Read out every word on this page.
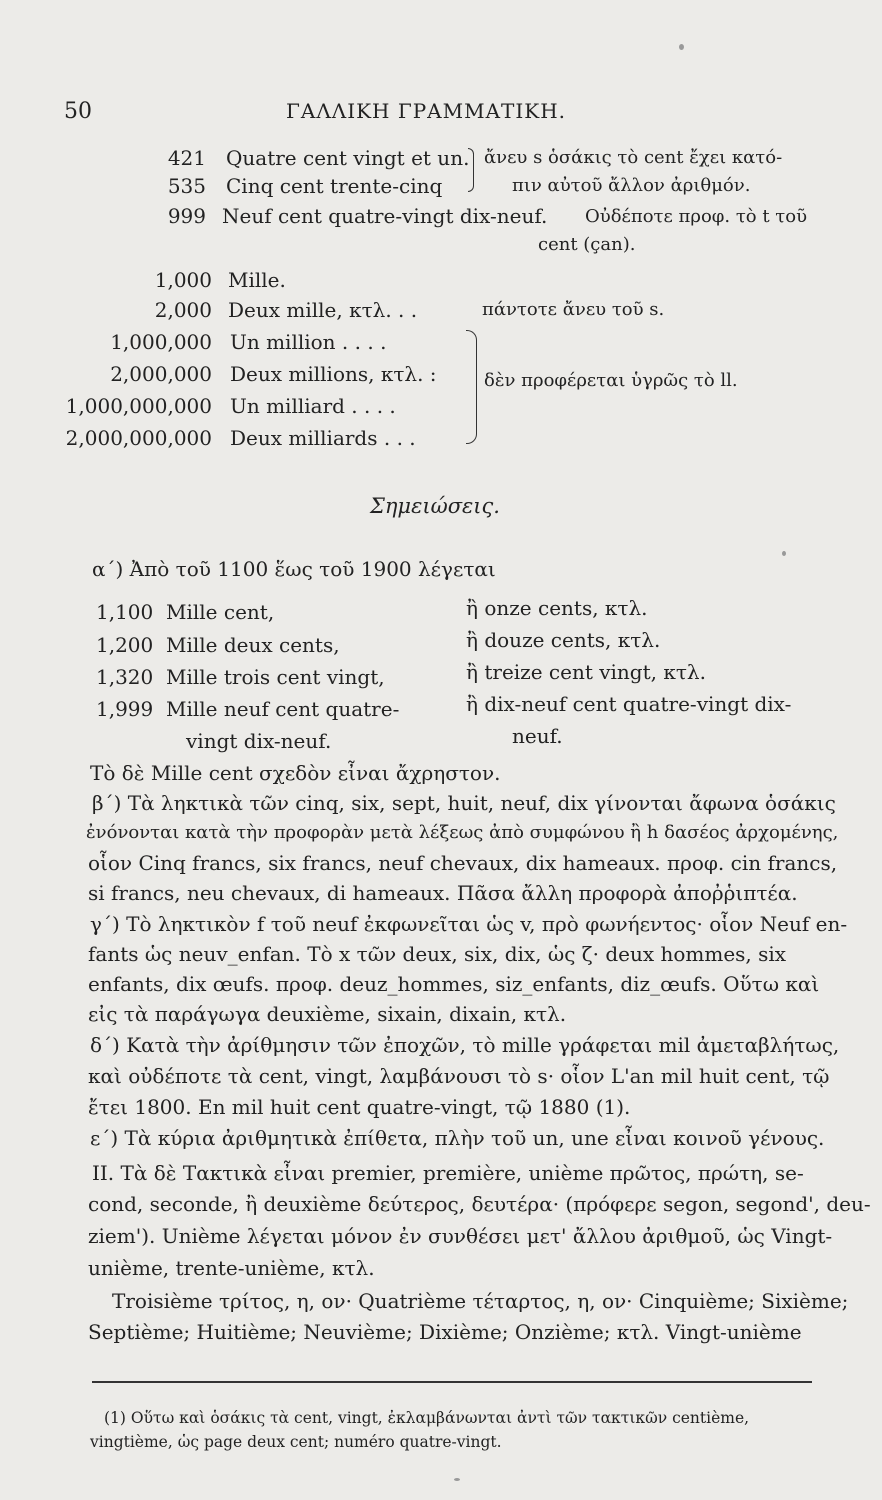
50	ΓΑΛΛΙΚΗ ΓΡΑΜΜΑΤΙΚΗ.
421 Quatre cent vingt et un.
535 Cinq cent trente-cinq
ἄνευ s ὁσάκις τὸ cent ἔχει κατό-
πιν αὐτοῦ ἄλλον ἀριθμόν.
999 Neuf cent quatre-vingt dix-neuf. Οὐδέποτε προφ. τὸ t τοῦ
cent (çan).
1,000 Mille.
2,000 Deux mille, κτλ. . .	πάντοτε ἄνευ τοῦ s.
1,000,000 Un million . . . .
2,000,000 Deux millions, κτλ. :
1,000,000,000 Un milliard . . . .
2,000,000,000 Deux milliards . . .
δὲν προφέρεται ὑγρῶς τὸ ll.
Σημειώσεις.
α΄) Ἀπὸ τοῦ 1100 ἕως τοῦ 1900 λέγεται
1,100 Mille cent,	ἢ onze cents, κτλ.
1,200 Mille deux cents,	ἢ douze cents, κτλ.
1,320 Mille trois cent vingt,	ἢ treize cent vingt, κτλ.
1,999 Mille neuf cent quatre-	ἢ dix-neuf cent quatre-vingt dix-
vingt dix-neuf.	neuf.
Τὸ δὲ Mille cent σχεδὸν εἶναι ἄχρηστον.
β΄) Τὰ ληκτικὰ τῶν cinq, six, sept, huit, neuf, dix γίνονται ἄφωνα ὁσάκις
ἐνόνονται κατὰ τὴν προφορὰν μετὰ λέξεως ἀπὸ συμφώνου ἢ h δασέος ἀρχομένης,
οἷον Cinq francs, six francs, neuf chevaux, dix hameaux. προφ. cin francs,
si francs, neu chevaux, di hameaux. Πᾶσα ἄλλη προφορὰ ἀποῤῥιπτέα.
γ΄) Τὸ ληκτικὸν f τοῦ neuf ἐκφωνεῖται ὡς v, πρὸ φωνήεντος· οἷον Neuf en-
fants ὡς neuv_enfan. Τὸ x τῶν deux, six, dix, ὡς ζ· deux hommes, six
enfants, dix œufs. προφ. deuz_hommes, siz_enfants, diz_œufs. Οὕτω καὶ
εἰς τὰ παράγωγα deuxième, sixain, dixain, κτλ.
δ΄) Κατὰ τὴν ἀρίθμησιν τῶν ἐποχῶν, τὸ mille γράφεται mil ἀμεταβλήτως,
καὶ οὐδέποτε τὰ cent, vingt, λαμβάνουσι τὸ s· οἷον L'an mil huit cent, τῷ
ἔτει 1800. En mil huit cent quatre-vingt, τῷ 1880 (1).
ε΄) Τὰ κύρια ἀριθμητικὰ ἐπίθετα, πλὴν τοῦ un, une εἶναι κοινοῦ γένους.
II. Τὰ δὲ Τακτικὰ εἶναι premier, première, unième πρῶτος, πρώτη, se-
cond, seconde, ἢ deuxième δεύτερος, δευτέρα· (πρόφερε segon, segond', deu-
ziem'). Unième λέγεται μόνον ἐν συνθέσει μετ' ἄλλου ἀριθμοῦ, ὡς Vingt-
unième, trente-unième, κτλ.
Troisième τρίτος, η, ον· Quatrième τέταρτος, η, ον· Cinquième; Sixième;
Septième; Huitième; Neuvième; Dixième; Onzième; κτλ. Vingt-unième
(1) Οὕτω καὶ ὁσάκις τὰ cent, vingt, ἐκλαμβάνωνται ἀντὶ τῶν τακτικῶν centième,
vingtième, ὡς page deux cent; numéro quatre-vingt.
